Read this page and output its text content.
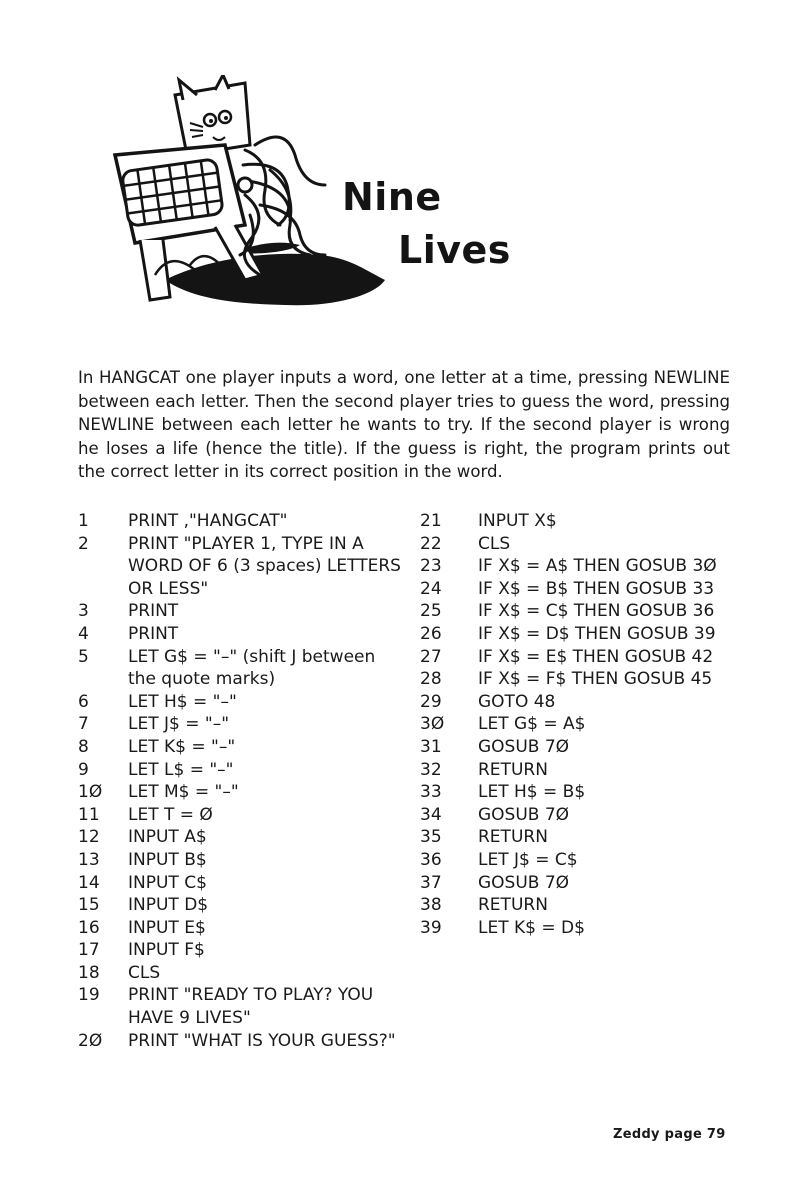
Nine
Lives

In HANGCAT one player inputs a word, one letter at a time, pressing NEWLINE between each letter. Then the second player tries to guess the word, pressing NEWLINE between each letter he wants to try. If the second player is wrong he loses a life (hence the title). If the guess is right, the program prints out the correct letter in its correct position in the word.

1	PRINT ,"HANGCAT"
2	PRINT "PLAYER 1, TYPE IN A WORD OF 6 (3 spaces) LETTERS OR LESS"
3	PRINT
4	PRINT
5	LET G$ = "–" (shift J between the quote marks)
6	LET H$ = "–"
7	LET J$ = "–"
8	LET K$ = "–"
9	LET L$ = "–"
1Ø	LET M$ = "–"
11	LET T = Ø
12	INPUT A$
13	INPUT B$
14	INPUT C$
15	INPUT D$
16	INPUT E$
17	INPUT F$
18	CLS
19	PRINT "READY TO PLAY? YOU HAVE 9 LIVES"
2Ø	PRINT "WHAT IS YOUR GUESS?"
21	INPUT X$
22	CLS
23	IF X$ = A$ THEN GOSUB 3Ø
24	IF X$ = B$ THEN GOSUB 33
25	IF X$ = C$ THEN GOSUB 36
26	IF X$ = D$ THEN GOSUB 39
27	IF X$ = E$ THEN GOSUB 42
28	IF X$ = F$ THEN GOSUB 45
29	GOTO 48
3Ø	LET G$ = A$
31	GOSUB 7Ø
32	RETURN
33	LET H$ = B$
34	GOSUB 7Ø
35	RETURN
36	LET J$ = C$
37	GOSUB 7Ø
38	RETURN
39	LET K$ = D$
Zeddy page 79
